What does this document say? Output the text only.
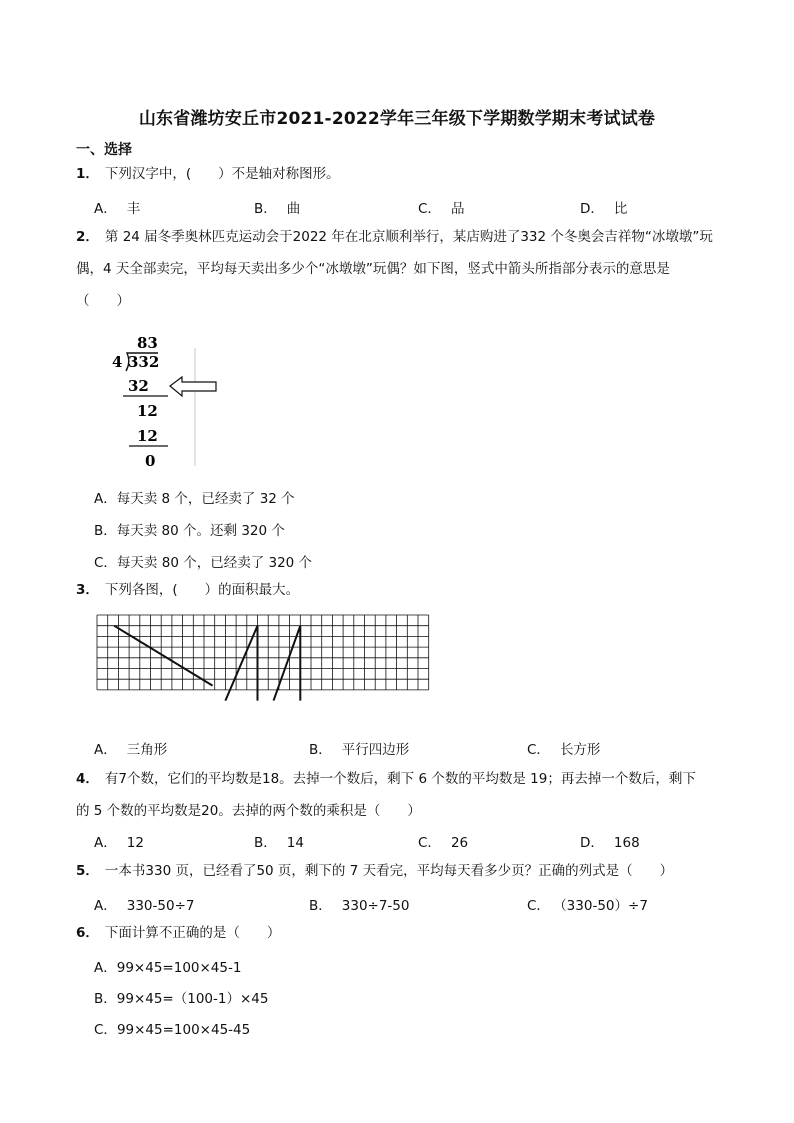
山东省潍坊安丘市2021-2022学年三年级下学期数学期末考试试卷
一、选择
1． 下列汉字中，(　　）不是轴对称图形。
A． 丰	B． 曲	C． 品	D． 比
2． 第 24 届冬季奥林匹克运动会于2022 年在北京顺利举行，某店购进了332 个冬奥会吉祥物“冰墩墩”玩
偶，4 天全部卖完，平均每天卖出多少个“冰墩墩”玩偶？如下图，竖式中箭头所指部分表示的意思是
（　　）
83
4 332
32
12
12
0
A．每天卖 8 个，已经卖了 32 个
B．每天卖 80 个。还剩 320 个
C．每天卖 80 个，已经卖了 320 个
3． 下列各图，(　　）的面积最大。
A． 三角形	B． 平行四边形	C． 长方形
4． 有7个数，它们的平均数是18。去掉一个数后，剩下 6 个数的平均数是 19；再去掉一个数后，剩下
的 5 个数的平均数是20。去掉的两个数的乘积是（　　）
A． 12	B． 14	C． 26	D． 168
5． 一本书330 页，已经看了50 页，剩下的 7 天看完，平均每天看多少页？正确的列式是（　　）
A． 330-50÷7	B． 330÷7-50	C． （330-50）÷7
6． 下面计算不正确的是（　　）
A．99×45=100×45-1
B．99×45=（100-1）×45
C．99×45=100×45-45
